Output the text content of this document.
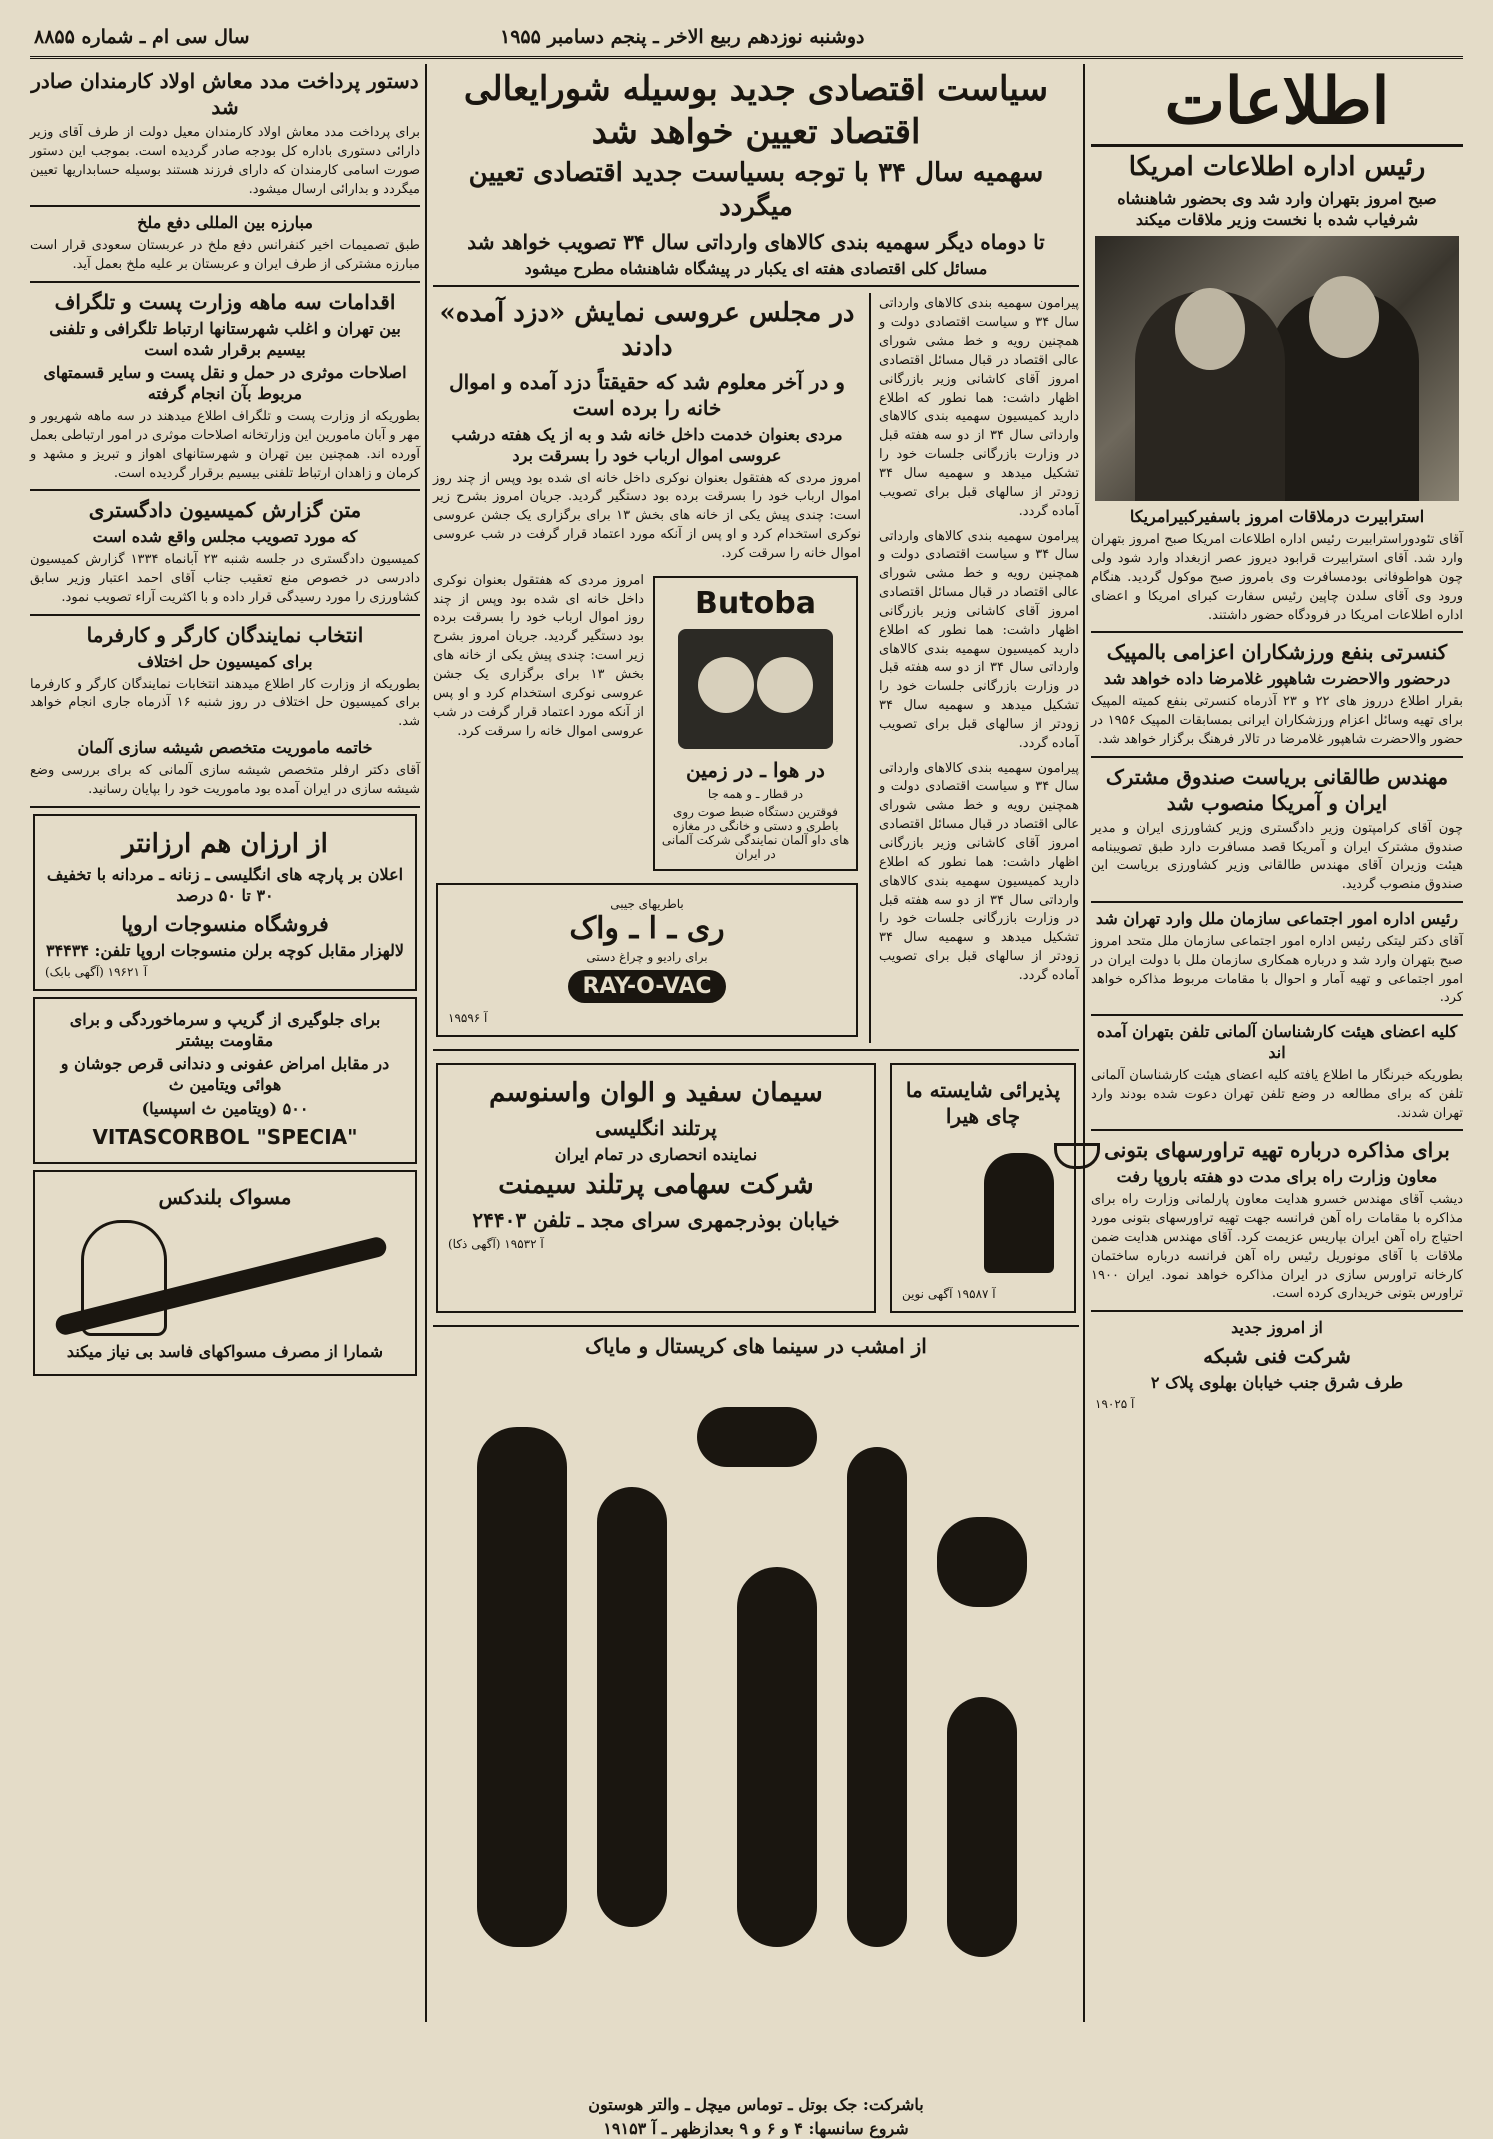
دوشنبه نوزدهم ربیع الاخر ـ پنجم دسامبر ۱۹۵۵
سال سی ام ـ شماره ۸۸۵۵
اطلاعات
رئیس اداره اطلاعات امریکا
صبح امروز بتهران وارد شد وی بحضور شاهنشاه شرفیاب شده با نخست وزیر ملاقات میکند
استرابیرت درملاقات امروز باسفیرکبیرامریکا

آقای تئودوراسترابیرت رئیس اداره اطلاعات امریکا صبح امروز بتهران وارد شد. آقای استرابیرت قرابود دیروز عصر ازبغداد وارد شود ولی چون هواطوفانی بودمسافرت وی بامروز صبح موکول گردید. هنگام ورود وی آقای سلدن چاپین رئیس سفارت کبرای امریکا و اعضای اداره اطلاعات امریکا در فرودگاه حضور داشتند.

کنسرتی بنفع ورزشکاران اعزامی بالمپیک
درحضور والاحضرت شاهپور غلامرضا داده خواهد شد

بقرار اطلاع درروز های ۲۲ و ۲۳ آذرماه کنسرتی بنفع کمیته المپیک برای تهیه وسائل اعزام ورزشکاران ایرانی بمسابقات المپیک ۱۹۵۶ در حضور والاحضرت شاهپور غلامرضا در تالار فرهنگ برگزار خواهد شد.

مهندس طالقانی بریاست صندوق مشترک ایران و آمریکا منصوب شد

چون آقای کرامپتون وزیر دادگستری وزیر کشاورزی ایران و مدیر صندوق مشترک ایران و آمریکا قصد مسافرت دارد طبق تصویبنامه هیئت وزیران آقای مهندس طالقانی وزیر کشاورزی بریاست این صندوق منصوب گردید.

رئیس اداره امور اجتماعی سازمان ملل وارد تهران شد

آقای دکتر لیتکی رئیس اداره امور اجتماعی سازمان ملل متحد امروز صبح بتهران وارد شد و درباره همکاری سازمان ملل با دولت ایران در امور اجتماعی و تهیه آمار و احوال با مقامات مربوط مذاکره خواهد کرد.

کلیه اعضای هیئت کارشناسان آلمانی تلفن بتهران آمده اند

بطوریکه خبرنگار ما اطلاع یافته کلیه اعضای هیئت کارشناسان آلمانی تلفن که برای مطالعه در وضع تلفن تهران دعوت شده بودند وارد تهران شدند.

برای مذاکره درباره تهیه تراورسهای بتونی
معاون وزارت راه برای مدت دو هفته باروپا رفت

دیشب آقای مهندس خسرو هدایت معاون پارلمانی وزارت راه برای مذاکره با مقامات راه آهن فرانسه جهت تهیه تراورسهای بتونی مورد احتیاج راه آهن ایران بپاریس عزیمت کرد. آقای مهندس هدایت ضمن ملاقات با آقای مونوریل رئیس راه آهن فرانسه درباره ساختمان کارخانه تراورس سازی در ایران مذاکره خواهد نمود. ایران ۱۹۰۰ تراورس بتونی خریداری کرده است.

از امروز جدید
شرکت فنی شبکه
طرف شرق جنب خیابان بهلوی پلاک ۲
آ ۱۹۰۲۵
سیاست اقتصادی جدید بوسیله شورایعالی اقتصاد تعیین خواهد شد
سهمیه سال ۳۴ با توجه بسیاست جدید اقتصادی تعیین میگردد
تا دوماه دیگر سهمیه بندی کالاهای وارداتی سال ۳۴ تصویب خواهد شد
مسائل کلی اقتصادی هفته ای یکبار در پیشگاه شاهنشاه مطرح میشود

پیرامون سهمیه بندی کالاهای وارداتی سال ۳۴ و سیاست اقتصادی دولت و همچنین رویه و خط مشی شورای عالی اقتصاد در قبال مسائل اقتصادی امروز آقای کاشانی وزیر بازرگانی اظهار داشت: هما نطور که اطلاع دارید کمیسیون سهمیه بندی کالاهای وارداتی سال ۳۴ از دو سه هفته قبل در وزارت بازرگانی جلسات خود را تشکیل میدهد و سهمیه سال ۳۴ زودتر از سالهای قبل برای تصویب آماده گردد.

پیرامون سهمیه بندی کالاهای وارداتی سال ۳۴ و سیاست اقتصادی دولت و همچنین رویه و خط مشی شورای عالی اقتصاد در قبال مسائل اقتصادی امروز آقای کاشانی وزیر بازرگانی اظهار داشت: هما نطور که اطلاع دارید کمیسیون سهمیه بندی کالاهای وارداتی سال ۳۴ از دو سه هفته قبل در وزارت بازرگانی جلسات خود را تشکیل میدهد و سهمیه سال ۳۴ زودتر از سالهای قبل برای تصویب آماده گردد.

پیرامون سهمیه بندی کالاهای وارداتی سال ۳۴ و سیاست اقتصادی دولت و همچنین رویه و خط مشی شورای عالی اقتصاد در قبال مسائل اقتصادی امروز آقای کاشانی وزیر بازرگانی اظهار داشت: هما نطور که اطلاع دارید کمیسیون سهمیه بندی کالاهای وارداتی سال ۳۴ از دو سه هفته قبل در وزارت بازرگانی جلسات خود را تشکیل میدهد و سهمیه سال ۳۴ زودتر از سالهای قبل برای تصویب آماده گردد.

در مجلس عروسی نمایش «دزد آمده» دادند
و در آخر معلوم شد که حقیقتاً دزد آمده و اموال خانه را برده است
مردی بعنوان خدمت داخل خانه شد و به از یک هفته درشب عروسی اموال ارباب خود را بسرقت برد

امروز مردی که هفتقول بعنوان نوکری داخل خانه ای شده بود وپس از چند روز اموال ارباب خود را بسرقت برده بود دستگیر گردید. جریان امروز بشرح زیر است: چندی پیش یکی از خانه های بخش ۱۳ برای برگزاری یک جشن عروسی نوکری استخدام کرد و او پس از آنکه مورد اعتماد قرار گرفت در شب عروسی اموال خانه را سرقت کرد.

Butoba
در هوا ـ در زمین
در قطار ـ و همه جا
فوقترین دستگاه ضبط صوت روی باطری و دستی و خانگی در مغازه های داو آلمان نمایندگی شرکت آلمانی در ایران

امروز مردی که هفتقول بعنوان نوکری داخل خانه ای شده بود وپس از چند روز اموال ارباب خود را بسرقت برده بود دستگیر گردید. جریان امروز بشرح زیر است: چندی پیش یکی از خانه های بخش ۱۳ برای برگزاری یک جشن عروسی نوکری استخدام کرد و او پس از آنکه مورد اعتماد قرار گرفت در شب عروسی اموال خانه را سرقت کرد.

باطریهای جیبی
ری ـ ا ـ واک
برای رادیو و چراغ دستی
RAY-O-VAC
آ ۱۹۵۹۶
پذیرائی شایسته ما چای هیرا
آ ۱۹۵۸۷ آگهی نوین
سیمان سفید و الوان واسنوسم
پرتلند انگلیسی
نماینده انحصاری در تمام ایران
شرکت سهامی پرتلند سیمنت
خیابان بوذرجمهری سرای مجد ـ تلفن ۲۴۴۰۳
آ ۱۹۵۳۲ (آگهی ذکا)
از امشب در سینما های کریستال و مایاک
باشرکت: جک بوتل ـ توماس میچل ـ والتر هوستون
شروع سانسها: ۴ و ۶ و ۹ بعدازظهر ـ آ ۱۹۱۵۳
دستور پرداخت مدد معاش اولاد کارمندان صادر شد

برای پرداخت مدد معاش اولاد کارمندان معیل دولت از طرف آقای وزیر دارائی دستوری باداره کل بودجه صادر گردیده است. بموجب این دستور صورت اسامی کارمندان که دارای فرزند هستند بوسیله حسابداریها تعیین میگردد و بدارائی ارسال میشود.

مبارزه بین المللی دفع ملخ

طبق تصمیمات اخیر کنفرانس دفع ملخ در عربستان سعودی قرار است مبارزه مشترکی از طرف ایران و عربستان بر علیه ملخ بعمل آید.

اقدامات سه ماهه وزارت پست و تلگراف
بین تهران و اغلب شهرستانها ارتباط تلگرافی و تلفنی بیسیم برقرار شده است
اصلاحات موثری در حمل و نقل پست و سایر قسمتهای مربوط بآن انجام گرفته

بطوریکه از وزارت پست و تلگراف اطلاع میدهند در سه ماهه شهریور و مهر و آبان مامورین این وزارتخانه اصلاحات موثری در امور ارتباطی بعمل آورده اند. همچنین بین تهران و شهرستانهای اهواز و تبریز و مشهد و کرمان و زاهدان ارتباط تلفنی بیسیم برقرار گردیده است.

متن گزارش کمیسیون دادگستری
که مورد تصویب مجلس واقع شده است

کمیسیون دادگستری در جلسه شنبه ۲۳ آبانماه ۱۳۳۴ گزارش کمیسیون دادرسی در خصوص منع تعقیب جناب آقای احمد اعتبار وزیر سابق کشاورزی را مورد رسیدگی قرار داده و با اکثریت آراء تصویب نمود.

انتخاب نمایندگان کارگر و کارفرما
برای کمیسیون حل اختلاف

بطوریکه از وزارت کار اطلاع میدهند انتخابات نمایندگان کارگر و کارفرما برای کمیسیون حل اختلاف در روز شنبه ۱۶ آذرماه جاری انجام خواهد شد.

خاتمه ماموریت متخصص شیشه سازی آلمان

آقای دکتر ارفلر متخصص شیشه سازی آلمانی که برای بررسی وضع شیشه سازی در ایران آمده بود ماموریت خود را بپایان رسانید.

از ارزان هم ارزانتر
اعلان بر پارچه های انگلیسی ـ زنانه ـ مردانه با تخفیف ۳۰ تا ۵۰ درصد
فروشگاه منسوجات اروپا
لالهزار مقابل کوچه برلن منسوجات اروپا تلفن: ۳۴۴۳۴
آ ۱۹۶۲۱ (آگهی بابک)
برای جلوگیری از گریپ و سرماخوردگی و برای مقاومت بیشتر
در مقابل امراض عفونی و دندانی قرص جوشان و هوائی ویتامین ث
۵۰۰ (ویتامین ث اسپسیا)
VITASCORBOL "SPECIA"
مسواک بلندکس
شمارا از مصرف مسواکهای فاسد بی نیاز میکند
